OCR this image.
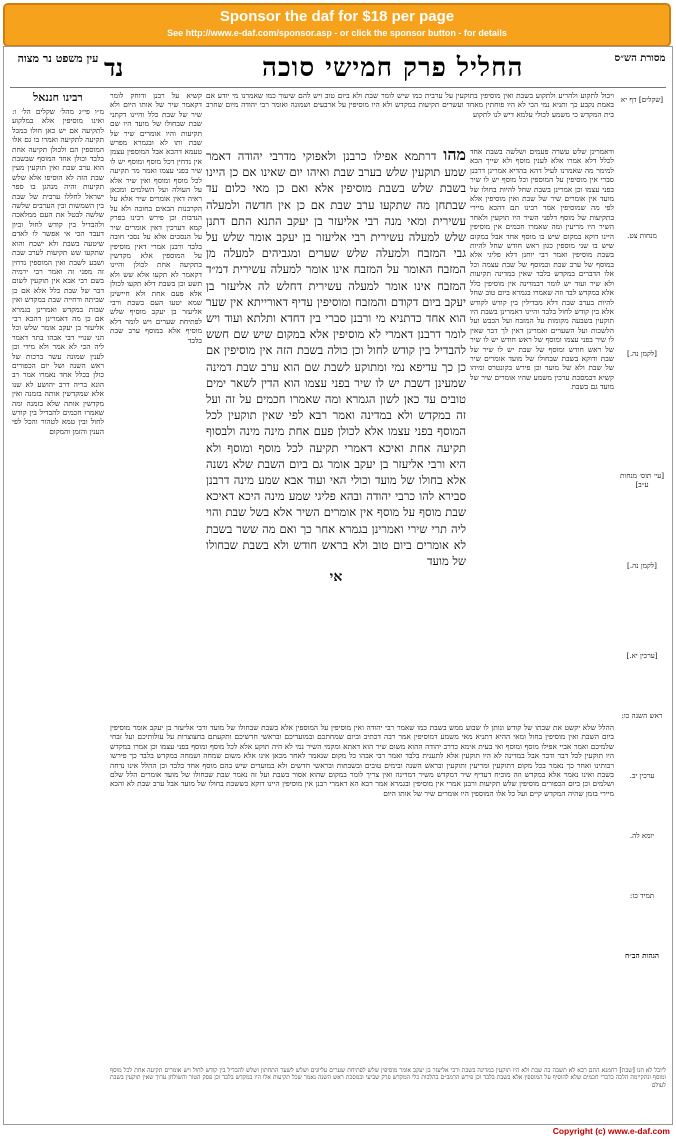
Sponsor the daf for $18 per page
See http://www.e-daf.com/sponsor.asp - or click the sponsor button - for details
עין משפט נר מצוה נד	החליל פרק חמישי סוכה	מסורת הש״ס
רבינו חננאל
מ״ו פי״ג מהל׳ שקלים הל׳ ו: ואינו מוסיפין אלא במלקוע לתקיעה אם יש כאן חולו במכל תקיעה לתקיעה ואמרו בו גם אלו המוספין הם ולכולן תקיעה אחת בלבד וכולן אחד המוסף שבשבת הוא ערב שבת ואין תוקעין מעין שבת הזה לא הוסיפו אלא שלש תקיעות והיה מנהגן בו ספר ישראל לחללו ערבית של שבת בין השמשות ובין הערבים שלשה שלשה לבטל את העם ממלאכה ולהבדיל בין קודש לחול וכיון דעבד הכי אי אפשר לו לאדם שיטעה בשבת ולא ישכח והוא שתקעו שש תקיעות לערב שבת ושבע לשבת ואין המוספין נדחין זה מפני זה ואמר רבי ירמיה בשם רבי אבא אין תוקעין לשום דבר של שבת כלל אלא אם כן שביתה ודחייה שבת במקדש ואין שבות במקדש ואמרינן בגמרא אם כן מה דאמרינן דהכא רבי אליעזר בן יעקב אומר שלש וכל הני שנויי דבי אבהו בתר דאמר ליה הכי לא אמר ולא מידי וכן לענין שמונה עשר ברכות של ראש השנה ושל יום הכפורים כולן בכלל אחד נאמרו אמר רב הונא בריה דרב יהושע לא שנו אלא שמקדשין אותה בזמנה ואין מקדשין אותה שלא בזמנה ומה שאמרו חכמים להבדיל בין קודש לחול ובין טמא לטהור והכל לפי הענין והזמן והמקום
ויכול לתקוע ולהריע ולתקוע בשבת ואין מוסיפין בתוקעין על ערבית כמו שיש לומר שבת ולא ביום טוב ויש להם שיעור כמו שאמרנו מי יודע אם באמת נקבע כך ותניא נמי הכי לא היו פוחתין מאחד ועשרים תקיעות במקדש ולא היו מוסיפין על ארבעים ושמונה ואומר רבי יהודה מיום שחרב בית המקדש כי משמע לכולי עלמא דיש לנו לתקוע
קשיא על רבנן ודוחק לומר דקאמר שיר של אותו היום ולא שיר של שבת כלל והיינו דקתני שבת שבחולו של מועד היו שם תקיעות והיו אומרים שיר של שבת ותו לא ובגמרא מפרש טעמא דהכא אבל המוספין עצמן אין נדחין דכל מוסף ומוסף יש לו שיר בפני עצמו ואמר מר תקיעה לכל מוסף ומוסף ואין שיר אלא על העולה ועל השלמים ומכאן ראיה דאין אומרים שיר אלא על הקרבנות הבאים בחובה ולא על הנדבות וכן פירש רבינו בפרק קמא דערכין דאין אומרים שיר על הנסכים אלא על נסכי חובה בלבד ורבנן אמרי דאין מוסיפין על המוספין אלא מקדשין בתקיעה אחת לכולן והיינו דקאמר לא תקעו אלא שש ולא תשע וכן בשבת דלא תקעו לכולן אלא פעם אחת ולא חיישינן שמא יטעו העם בשבת ורבי אליעזר בן יעקב מוסיף שלש לפתיחת שערים ויש לומר דלא מוסיף אלא במוסף ערב שבת בלבד
מהו דרתמא אפילו כרבנן ולאפוקי מדרבי יהודה דאמר שמע תוקעין שלש בערב שבת ואיהו יום שאינו אם כן היינו בשבת שלש בשבת מוסיפין אלא ואם כן מאי כלום עד שבתחן מה שתקעו ערב שבת אם כן אין חדשה ולמעלה עשירית ומאי מנה רבי אליעזר בן יעקב התנא התם דתנן שלש למעלה עשירית רבי אליעזר בן יעקב אומר שלש על גבי המזבח ולמעלה שלש שערים ומגביהים למעלה מן המזבח האומר על המזבח אינו אומר למעלה עשירית דמ״ד המזבח אינו אומר למעלה עשירית דחלש לה אליעזר בן יעקב ביום דקודם והמזבח ומוסיפין עדיף דאורייתא אין שער הוא אחד כדתניא מי ורבנן סברי בין דחדא ותלתא ועוד ויש לומר דרבנן דאמרי לא מוסיפין אלא במקום שיש שם חשש להבדיל בין קודש לחול וכן כולה בשבת הזה אין מוסיפין אם כן כך עדיפא נמי ומתוקע לשבת שם הוא ערב שבת דמינה שמעינן דשבת יש לו שיר בפני עצמו הוא הדין לשאר ימים טובים עד כאן לשון הגמרא ומה שאמרו חכמים על זה ועל זה במקדש ולא במדינה ואמר רבא לפי שאין תוקעין לכל המוסף בפני עצמו אלא לכולן פעם אחת מינה מינה ולבסוף תקיעה אחת ואיכא דאמרי תקיעה לכל מוסף ומוסף ולא היא ורבי אליעזר בן יעקב אומר גם ביום השבת שלא נשנה אלא בחולו של מועד וכולי האי ועוד אבא שמע מינה דרבנן סבירא להו כרבי יהודה ובהא פליגי שמע מינה היכא דאיכא שבת מוסף על מוסף אין אומרים השיר אלא בשל שבת והוי ליה תרי שירי ואמרינן בגמרא אחר כך ואם מה ששר בשבת לא אומרים ביום טוב ולא בראש חודש ולא בשבת שבחולו של מועד
אי
ודאמרינן שלש עשרה פעמים ושלשה בשבת אחד לכלל דלא אמרו אלא לענין מוסף ולא שייך הכא למימר מה שאמרנו לעיל דהא בהדיא אמרינן דרבנן סברי אין מוסיפין על המוספין וכל מוסף יש לו שיר בפני עצמו וכן אמרינן בשבת שחל להיות בחולו של מועד אין אומרים שיר של שבת ואין מוסיפין אלא לפי מה שמוסיפין אמר רבינו תם דהכא מיירי בתקיעות של מוסף דלפני השיר היו תוקעין ולאחר השיר היו מריעין ומה שאמרו חכמים אין מוסיפין היינו דוקא במקום שיש בו מוסף אחד אבל במקום שיש בו שני מוספין כגון ראש חודש שחל להיות בשבת מוסיפין ואמר רבי יוחנן דלא פליגי אלא במוסף של ערב שבת ובמוסף של שבת עצמה וכל אלו הדברים במקדש בלבד שאין במדינה תקיעות ולא שיר ועוד יש לומר דבמדינה אין מוסיפין כלל אלא במקדש לבד וזה שאמרו בגמרא ביום טוב שחל להיות בערב שבת דלא מבדילין בין קודש לקודש אלא בין קודש לחול בלבד והיינו דאמרינן בשבת היו תוקעין בשבעה מקומות על המזבח ועל הכבש ועל הלשכות ועל השערים ואמרינן דאין לך דבר שאין לו שיר בפני עצמו ומוסף של ראש חודש יש לו שיר של ראש חודש ומוסף של שבת יש לו שיר של שבת ודוקא בשבת שבחולו של מועד אומרים שיר של שבת ולא של מועד וכן פירש בקונטרס ומיהו קשיא דבמסכת ערכין משמע שהיו אומרים שיר של מועד גם בשבת
ההלל שלא יקשט את שבתו של קודש ונותן לו שבוע ממש בשבת כמו שאמר רבי יהודה ואין מוסיפין על המוספין אלא בשבת שבחולו של מועד ורבי אליעזר בן יעקב אומר מוסיפין ביום השבת ואין מוסיפין בחול ומאי ההיא דתניא מאי משמע דמוסיפין אמר רבה דכתיב וביום שמחתכם ובמועדיכם ובראשי חדשיכם ותקעתם בחצוצרות על עולותיכם ועל זבחי שלמיכם ואמר אביי אפילו מוסף ומוסף ואי בעית אימא כדרב יהודה ההוא משום שיר הוא דאתא ומקמי השיר נמי לא היה תוקע אלא לכל מוסף ומוסף בפני עצמו וכן אמרו במקדש היו תוקעין לכל דבר ודבר אבל במדינה לא היו תוקעין אלא לתענית בלבד ואמר רבי אבהו כל מקום שנאמר לאחר מכאן אינו אלא משום שמחה ושמחה במקדש בלבד כך פירשו רבותינו ואחר כך נאמר בכל מקום דתוקעין ומריעין ותוקעין ובראש השנה ובימים טובים ובשבתות ובראשי חדשים ולא במועדים שיש בהם מוסף אחד בלבד וכן ההלל אינו נדחה בשבת ואינו נאמר אלא במקדש וזה מוכיח דעדיף שיר דמקדש משיר דמדינה ואין צריך לומר במקום שהוא אסור בשבת ועל זה נאמר שבת שבחולו של מועד אומרים הלל שלם ושלמים וכן ביום הכפורים מוסיפין שלש תקיעות ורבנן אמרי אין מוסיפין ובגמרא אמר רבא הא דאמרי רבנן אין מוסיפין היינו דוקא כששבת בחולו של מועד אבל ערב שבת לא והכא מיירי בזמן שהיה המקדש קיים ועל כל אלו המוספין היו אומרים שיר של אותו היום
ליובל לא חנו [שבת] רחמנא התם רבא לא תשבה בה שבת ולא היו תוקעין במדינה בשבת ורבי אליעזר בן יעקב אומר מוסיפין שלש לפתיחת שערים עליונים ושלש לשער התחתון ושלש להבדיל בין קודש לחול ויש אומרים תקיעה אחת לכל מוסף ומוסף ונתקיימה הלכה כדברי חכמים שלא להוסיף על המוספין אלא בשבת בלבד וכן פירש הרמב״ם בהלכות כלי המקדש פרק שביעי ובמסכת ראש השנה נאמר שכל תקיעות אלו היו במקדש בלבד וכן פסק הטור והשולחן ערוך שאין תוקעין בשבת לעולם
[שקלים] דף יא
מנחות צט.
[לקמן נה.]
[עי׳ תוס׳ מנחות ע״ב]
[לקמן נה.]
[ערכין יא.]
ראש השנה כו:
ערכין יב.
יומא לה.
תמיד כז:
הגהות הב״ח
Copyright (c) www.e-daf.com
